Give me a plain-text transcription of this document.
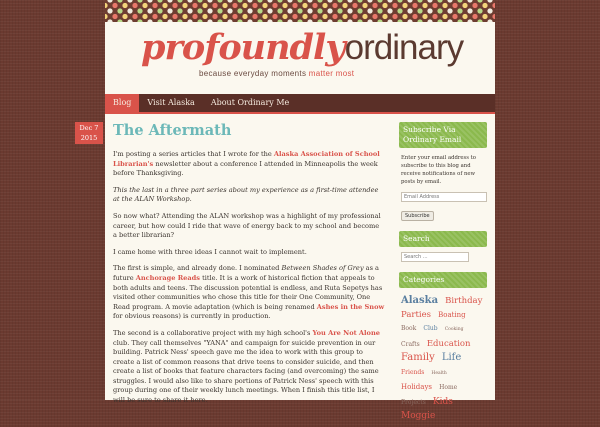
profoundlyordinary
because everyday moments matter most
Blog	Visit Alaska	About Ordinary Me
Dec 7
2015	The Aftermath

I'm posting a series articles that I wrote for the Alaska Association of School Librarian's newsletter about a conference I attended in Minneapolis the week before Thanksgiving.

This the last in a three part series about my experience as a first-time attendee at the ALAN Workshop.

So now what? Attending the ALAN workshop was a highlight of my professional career, but how could I ride that wave of energy back to my school and become a better librarian?

I came home with three ideas I cannot wait to implement.

The first is simple, and already done. I nominated Between Shades of Grey as a future Anchorage Reads title. It is a work of historical fiction that appeals to both adults and teens. The discussion potential is endless, and Ruta Sepetys has visited other communities who chose this title for their One Community, One Read program. A movie adaptation (which is being renamed Ashes in the Snow for obvious reasons) is currently in production.

The second is a collaborative project with my high school's You Are Not Alone club. They call themselves "YANA" and campaign for suicide prevention in our building. Patrick Ness' speech gave me the idea to work with this group to create a list of common reasons that drive teens to consider suicide, and then create a list of books that feature characters facing (and overcoming) the same struggles. I would also like to share portions of Patrick Ness' speech with this group during one of their weekly lunch meetings. When I finish this title list, I will be sure to share it here.

Subscribe Via Ordinary Email
Enter your email address to subscribe to this blog and receive notifications of new posts by email.
Email Address Subscribe
Search
Search ...
Categories
Alaska Birthday Parties Boating Book Club Cooking Crafts Education Family Life Friends Health Holidays Home Projects Kids Moggie
